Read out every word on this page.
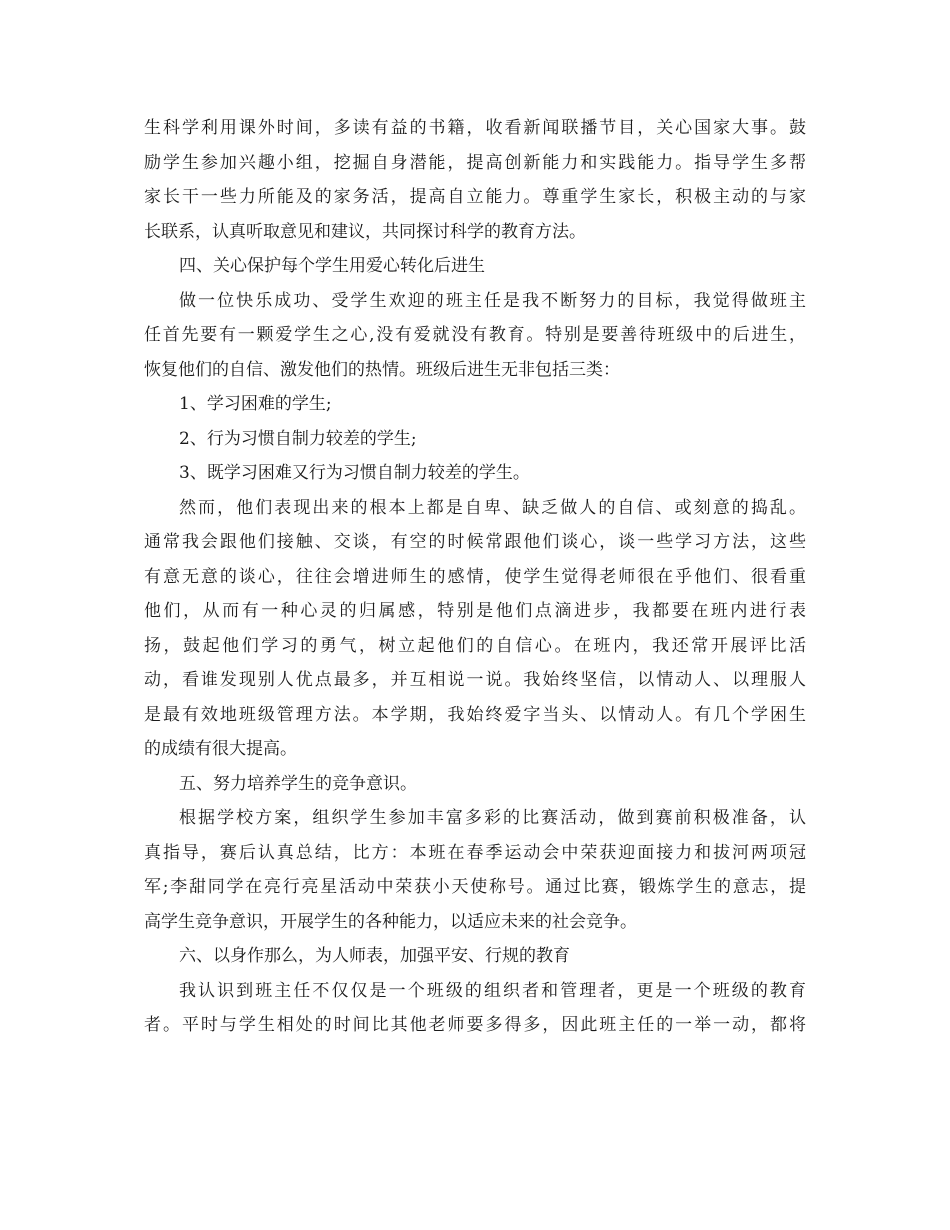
生科学利用课外时间，多读有益的书籍，收看新闻联播节目，关心国家大事。鼓
励学生参加兴趣小组，挖掘自身潜能，提高创新能力和实践能力。指导学生多帮
家长干一些力所能及的家务活，提高自立能力。尊重学生家长，积极主动的与家
长联系，认真听取意见和建议，共同探讨科学的教育方法。
四、关心保护每个学生用爱心转化后进生
做一位快乐成功、受学生欢迎的班主任是我不断努力的目标，我觉得做班主
任首先要有一颗爱学生之心,没有爱就没有教育。特别是要善待班级中的后进生，
恢复他们的自信、激发他们的热情。班级后进生无非包括三类：
1、学习困难的学生;
2、行为习惯自制力较差的学生;
3、既学习困难又行为习惯自制力较差的学生。
然而，他们表现出来的根本上都是自卑、缺乏做人的自信、或刻意的捣乱。
通常我会跟他们接触、交谈，有空的时候常跟他们谈心，谈一些学习方法，这些
有意无意的谈心，往往会增进师生的感情，使学生觉得老师很在乎他们、很看重
他们，从而有一种心灵的归属感，特别是他们点滴进步，我都要在班内进行表
扬，鼓起他们学习的勇气，树立起他们的自信心。在班内，我还常开展评比活
动，看谁发现别人优点最多，并互相说一说。我始终坚信，以情动人、以理服人
是最有效地班级管理方法。本学期，我始终爱字当头、以情动人。有几个学困生
的成绩有很大提高。
五、努力培养学生的竞争意识。
根据学校方案，组织学生参加丰富多彩的比赛活动，做到赛前积极准备，认
真指导，赛后认真总结，比方：本班在春季运动会中荣获迎面接力和拔河两项冠
军;李甜同学在亮行亮星活动中荣获小天使称号。通过比赛，锻炼学生的意志，提
高学生竞争意识，开展学生的各种能力，以适应未来的社会竞争。
六、以身作那么，为人师表，加强平安、行规的教育
我认识到班主任不仅仅是一个班级的组织者和管理者，更是一个班级的教育
者。平时与学生相处的时间比其他老师要多得多，因此班主任的一举一动，都将
